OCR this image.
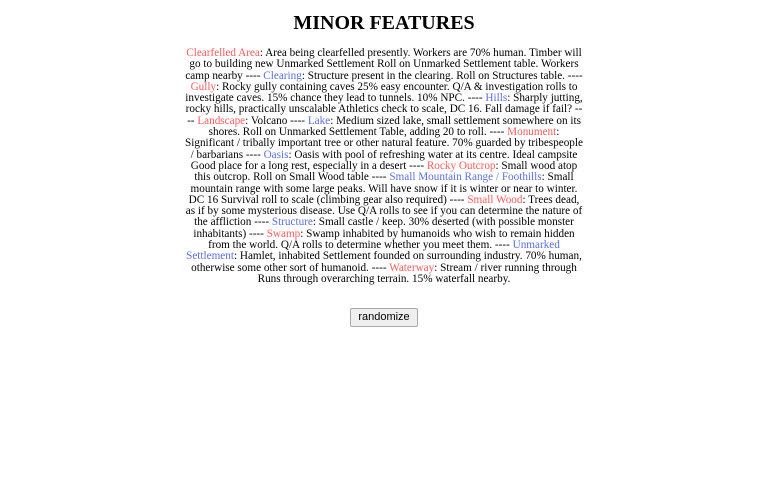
MINOR FEATURES

Clearfelled Area: Area being clearfelled presently. Workers are 70% human. Timber will go to building new Unmarked Settlement Roll on Unmarked Settlement table. Workers camp nearby ---- Clearing: Structure present in the clearing. Roll on Structures table. ---- Gully: Rocky gully containing caves 25% easy encounter. Q/A & investigation rolls to investigate caves. 15% chance they lead to tunnels. 10% NPC. ---- Hills: Sharply jutting, rocky hills, practically unscalable Athletics check to scale, DC 16. Fall damage if fail? ---- Landscape: Volcano ---- Lake: Medium sized lake, small settlement somewhere on its shores. Roll on Unmarked Settlement Table, adding 20 to roll. ---- Monument: Significant / tribally important tree or other natural feature. 70% guarded by tribespeople / barbarians ---- Oasis: Oasis with pool of refreshing water at its centre. Ideal campsite Good place for a long rest, especially in a desert ---- Rocky Outcrop: Small wood atop this outcrop. Roll on Small Wood table ---- Small Mountain Range / Foothills: Small mountain range with some large peaks. Will have snow if it is winter or near to winter. DC 16 Survival roll to scale (climbing gear also required) ---- Small Wood: Trees dead, as if by some mysterious disease. Use Q/A rolls to see if you can determine the nature of the affliction ---- Structure: Small castle / keep. 30% deserted (with possible monster inhabitants) ---- Swamp: Swamp inhabited by humanoids who wish to remain hidden from the world. Q/A rolls to determine whether you meet them. ---- Unmarked Settlement: Hamlet, inhabited Settlement founded on surrounding industry. 70% human, otherwise some other sort of humanoid. ---- Waterway: Stream / river running through Runs through overarching terrain. 15% waterfall nearby.

randomize
